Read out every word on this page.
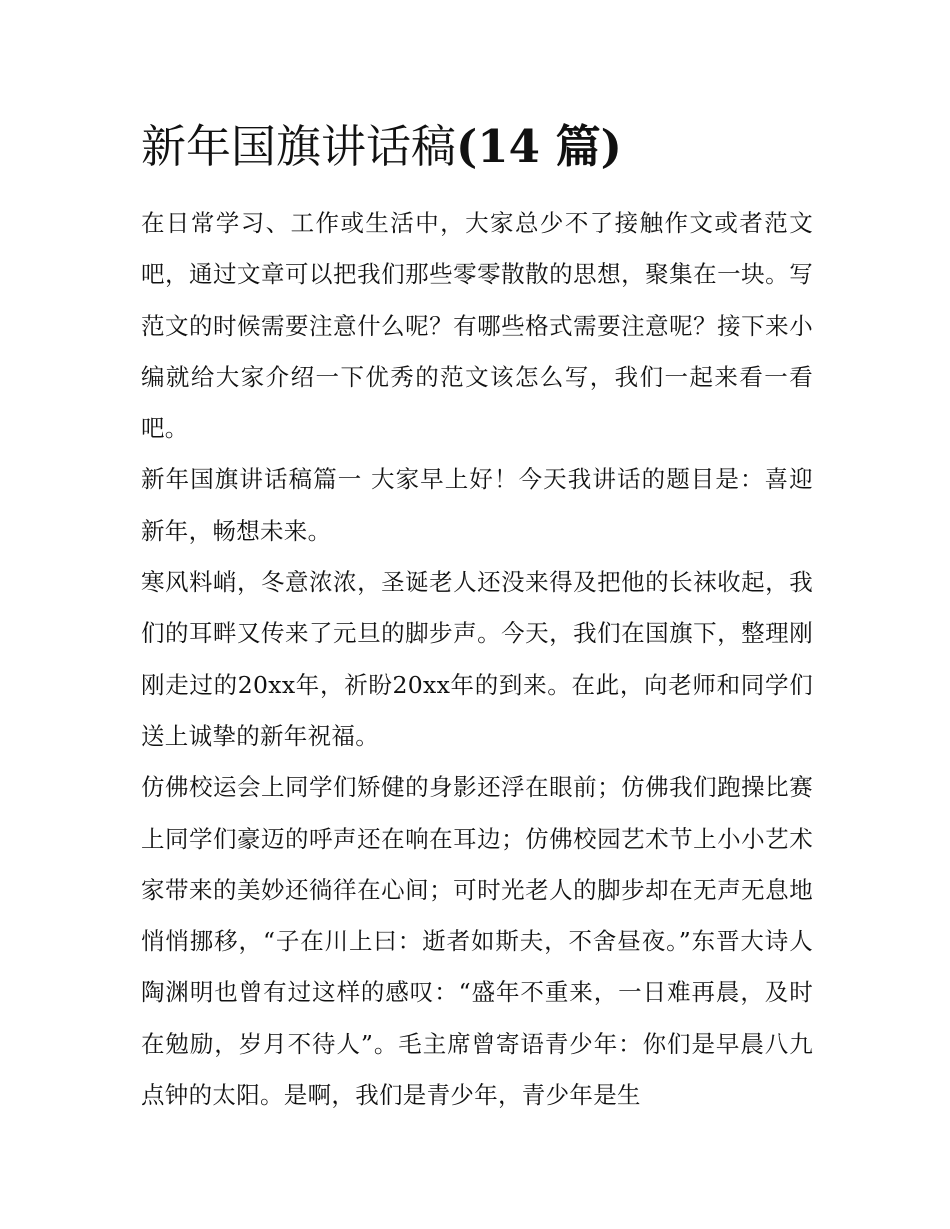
新年国旗讲话稿(14 篇)

在日常学习、工作或生活中，大家总少不了接触作文或者范文吧，通过文章可以把我们那些零零散散的思想，聚集在一块。写范文的时候需要注意什么呢？有哪些格式需要注意呢？接下来小编就给大家介绍一下优秀的范文该怎么写，我们一起来看一看吧。

新年国旗讲话稿篇一 大家早上好！今天我讲话的题目是：喜迎新年，畅想未来。

寒风料峭，冬意浓浓，圣诞老人还没来得及把他的长袜收起，我们的耳畔又传来了元旦的脚步声。今天，我们在国旗下，整理刚刚走过的20xx年，祈盼20xx年的到来。在此，向老师和同学们送上诚挚的新年祝福。

仿佛校运会上同学们矫健的身影还浮在眼前；仿佛我们跑操比赛上同学们豪迈的呼声还在响在耳边；仿佛校园艺术节上小小艺术家带来的美妙还徜徉在心间；可时光老人的脚步却在无声无息地悄悄挪移，“子在川上曰：逝者如斯夫，不舍昼夜。”东晋大诗人陶渊明也曾有过这样的感叹：“盛年不重来，一日难再晨，及时在勉励，岁月不待人”。毛主席曾寄语青少年：你们是早晨八九点钟的太阳。是啊，我们是青少年，青少年是生
